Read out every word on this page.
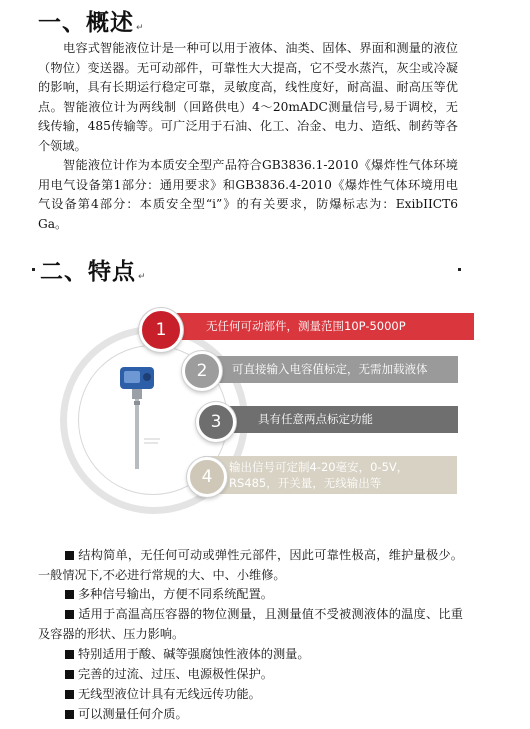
一、概述 ↵
电容式智能液位计是一种可以用于液体、油类、固体、界面和测量的液位（物位）变送器。无可动部件，可靠性大大提高，它不受水蒸汽，灰尘或冷凝的影响，具有长期运行稳定可靠，灵敏度高，线性度好，耐高温、耐高压等优点。智能液位计为两线制（回路供电）4～20mADC测量信号,易于调校，无线传输，485传输等。可广泛用于石油、化工、冶金、电力、造纸、制药等各个领域。
智能液位计作为本质安全型产品符合GB3836.1-2010《爆炸性气体环境用电气设备第1部分：通用要求》和GB3836.4-2010《爆炸性气体环境用电气设备第4部分：本质安全型“i”》的有关要求，防爆标志为：ExibIICT6 Ga。
二、特点 ↵
无任何可动部件，测量范围10P-5000P
1
可直接输入电容值标定，无需加载液体
2
具有任意两点标定功能
3
输出信号可定制4-20毫安，0-5V，
RS485，开关量，无线输出等
4
结构简单，无任何可动或弹性元部件，因此可靠性极高，维护量极少。一般情况下,不必进行常规的大、中、小维修。
多种信号输出，方便不同系统配置。
适用于高温高压容器的物位测量，且测量值不受被测液体的温度、比重及容器的形状、压力影响。
特别适用于酸、碱等强腐蚀性液体的测量。
完善的过流、过压、电源极性保护。
无线型液位计具有无线远传功能。
可以测量任何介质。
